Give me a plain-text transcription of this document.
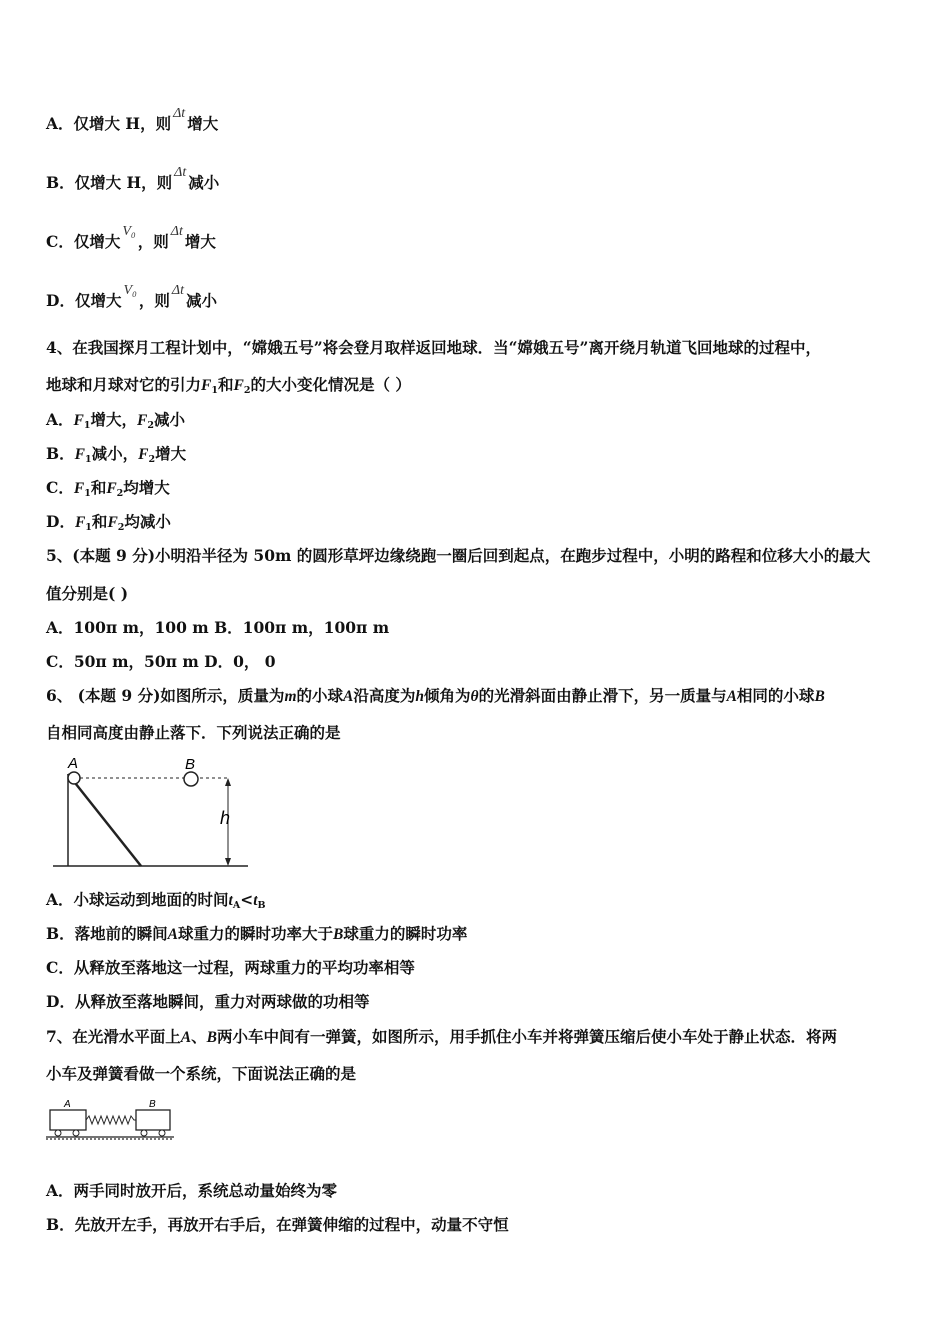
A．仅增大 H，则Δt增大
B．仅增大 H，则Δt减小
C．仅增大V₀，则Δt增大
D．仅增大V₀，则Δt减小
4、在我国探月工程计划中，“嫦娥五号”将会登月取样返回地球．当“嫦娥五号”离开绕月轨道飞回地球的过程中，
地球和月球对它的引力$F_1$和$F_2$的大小变化情况是（ ）
A．$F_1$增大，$F_2$减小
B．$F_1$减小，$F_2$增大
C．$F_1$和$F_2$均增大
D．$F_1$和$F_2$均减小
5、(本题 9 分)小明沿半径为 50m 的圆形草坪边缘绕跑一圈后回到起点，在跑步过程中，小明的路程和位移大小的最大
值分别是( )
A．100π m，100 m B．100π m，100π m
C．50π m，50π m D．0， 0
6、 (本题 9 分)如图所示，质量为m的小球A沿高度为h倾角为θ的光滑斜面由静止滑下，另一质量与A相同的小球B
自相同高度由静止落下．下列说法正确的是
A	B
h
A．小球运动到地面的时间$t_A<t_B$
B．落地前的瞬间A球重力的瞬时功率大于B球重力的瞬时功率
C．从释放至落地这一过程，两球重力的平均功率相等
D．从释放至落地瞬间，重力对两球做的功相等
7、在光滑水平面上A、B两小车中间有一弹簧，如图所示，用手抓住小车并将弹簧压缩后使小车处于静止状态．将两
小车及弹簧看做一个系统，下面说法正确的是
A	B
A．两手同时放开后，系统总动量始终为零
B．先放开左手，再放开右手后，在弹簧伸缩的过程中，动量不守恒
